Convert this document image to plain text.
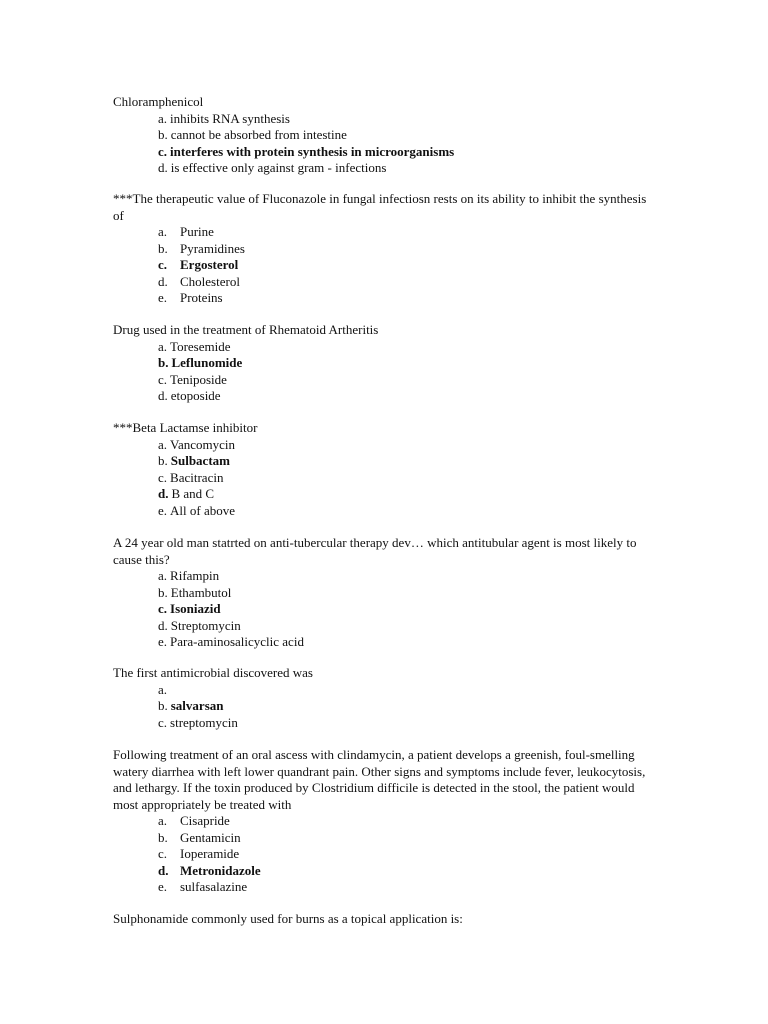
Chloramphenicol

a. inhibits RNA synthesis
b. cannot be absorbed from intestine
c. interferes with protein synthesis in microorganisms
d. is effective only against gram - infections

***The therapeutic value of Fluconazole in fungal infectiosn rests on its ability to inhibit the synthesis of

a. Purine
b. Pyramidines
c. Ergosterol
d. Cholesterol
e. Proteins

Drug used in the treatment of Rhematoid Artheritis

a. Toresemide
b. Leflunomide
c. Teniposide
d. etoposide

***Beta Lactamse inhibitor

a. Vancomycin
b. Sulbactam
c. Bacitracin
d. B and C
e. All of above

A 24 year old man statrted on anti-tubercular therapy dev… which antitubular agent is most likely to cause this?

a. Rifampin
b. Ethambutol
c. Isoniazid
d. Streptomycin
e. Para-aminosalicyclic acid

The first antimicrobial discovered was

a.
b. salvarsan
c. streptomycin

Following treatment of an oral ascess with clindamycin, a patient develops a greenish, foul-smelling watery diarrhea with left lower quandrant pain. Other signs and symptoms include fever, leukocytosis, and lethargy. If the toxin produced by Clostridium difficile is detected in the stool, the patient would most appropriately be treated with

a. Cisapride
b. Gentamicin
c. Ioperamide
d. Metronidazole
e. sulfasalazine

Sulphonamide commonly used for burns as a topical application is:
